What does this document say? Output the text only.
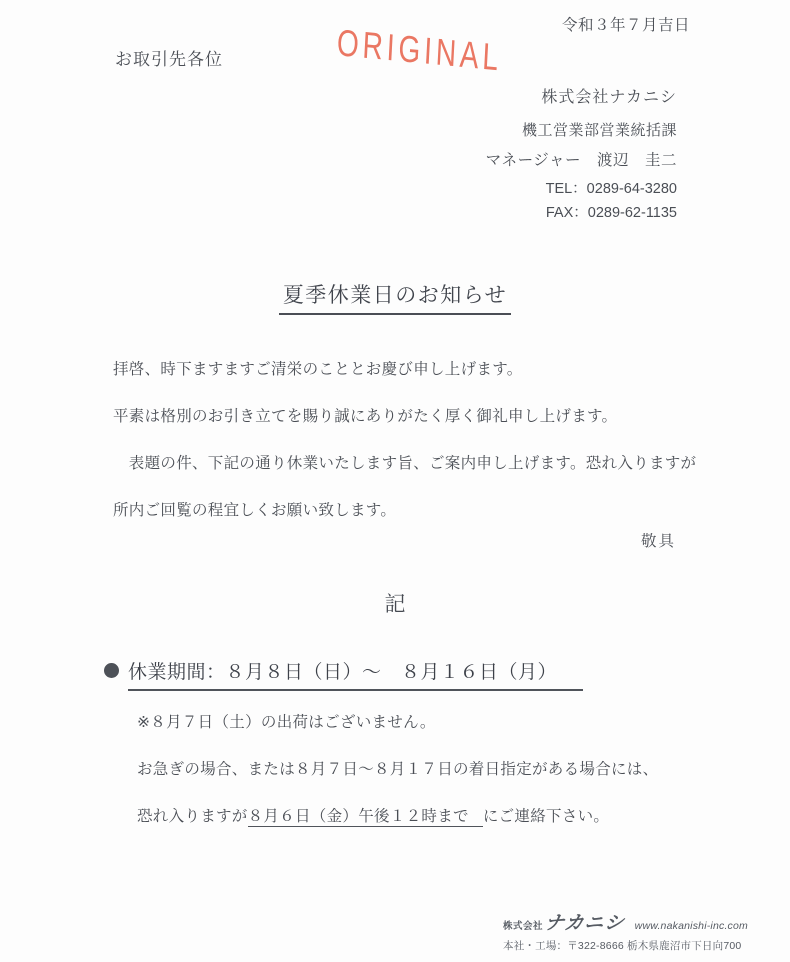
令和３年７月吉日
お取引先各位	ORIGINAL
株式会社ナカニシ
機工営業部営業統括課
マネージャー　渡辺　圭二
TEL：0289-64-3280
FAX：0289-62-1135
夏季休業日のお知らせ

拝啓、時下ますますご清栄のこととお慶び申し上げます。

平素は格別のお引き立てを賜り誠にありがたく厚く御礼申し上げます。

　表題の件、下記の通り休業いたします旨、ご案内申し上げます。恐れ入りますが

所内ご回覧の程宜しくお願い致します。

敬具
記
休業期間：８月８日（日）～　８月１６日（月）

※８月７日（土）の出荷はございません。

お急ぎの場合、または８月７日～８月１７日の着日指定がある場合には、

恐れ入りますが８月６日（金）午後１２時まで にご連絡下さい。

株式会社 ナカニシ www.nakanishi-inc.com
本社・工場：〒322-8666 栃木県鹿沼市下日向700
